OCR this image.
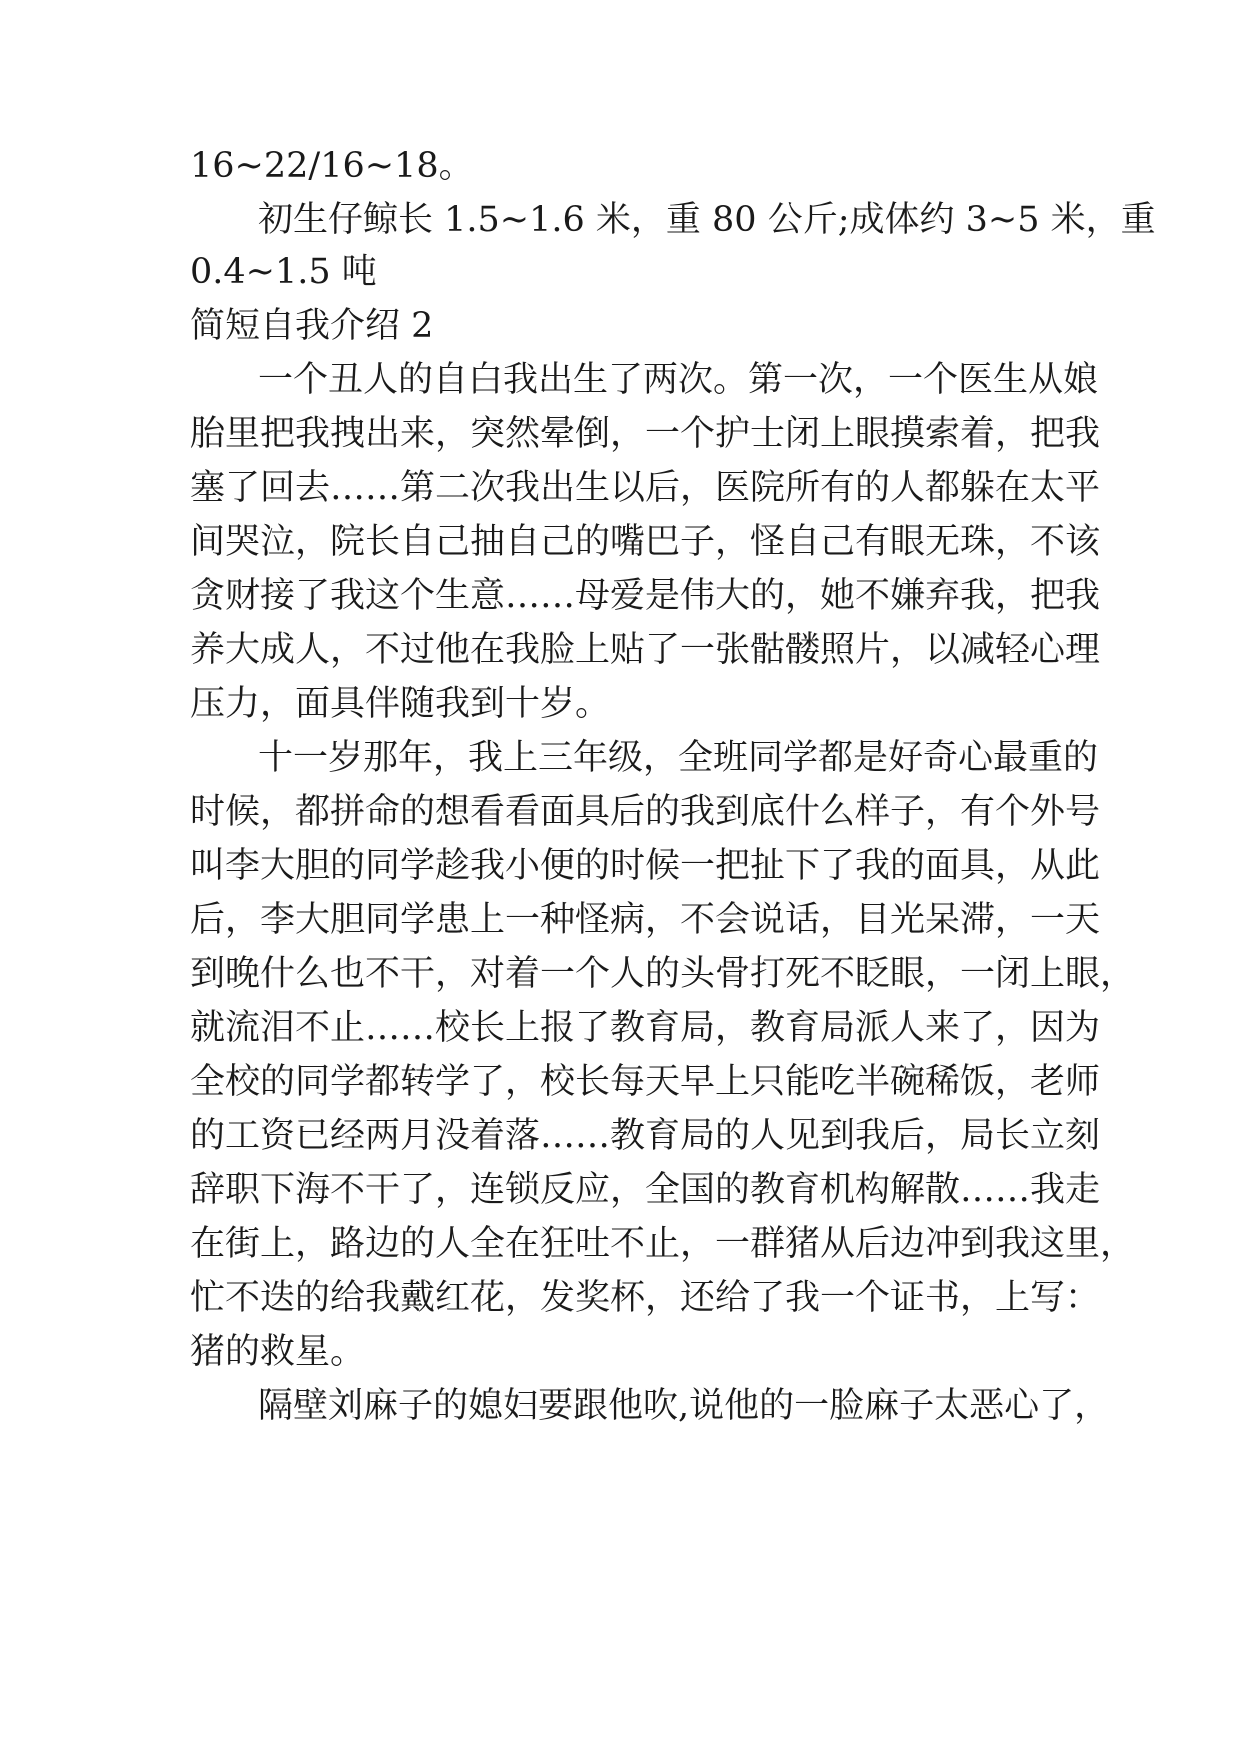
16~22/16~18。
初生仔鲸长 1.5~1.6 米，重 80 公斤;成体约 3~5 米，重
0.4~1.5 吨
简短自我介绍 2
一个丑人的自白我出生了两次。第一次，一个医生从娘
胎里把我拽出来，突然晕倒，一个护士闭上眼摸索着，把我
塞了回去……第二次我出生以后，医院所有的人都躲在太平
间哭泣，院长自己抽自己的嘴巴子，怪自己有眼无珠，不该
贪财接了我这个生意……母爱是伟大的，她不嫌弃我，把我
养大成人，不过他在我脸上贴了一张骷髅照片，以减轻心理
压力，面具伴随我到十岁。
十一岁那年，我上三年级，全班同学都是好奇心最重的
时候，都拼命的想看看面具后的我到底什么样子，有个外号
叫李大胆的同学趁我小便的时候一把扯下了我的面具，从此
后，李大胆同学患上一种怪病，不会说话，目光呆滞，一天
到晚什么也不干，对着一个人的头骨打死不眨眼，一闭上眼，
就流泪不止……校长上报了教育局，教育局派人来了，因为
全校的同学都转学了，校长每天早上只能吃半碗稀饭，老师
的工资已经两月没着落……教育局的人见到我后，局长立刻
辞职下海不干了，连锁反应，全国的教育机构解散……我走
在街上，路边的人全在狂吐不止，一群猪从后边冲到我这里，
忙不迭的给我戴红花，发奖杯，还给了我一个证书，上写：
猪的救星。
隔壁刘麻子的媳妇要跟他吹,说他的一脸麻子太恶心了，
